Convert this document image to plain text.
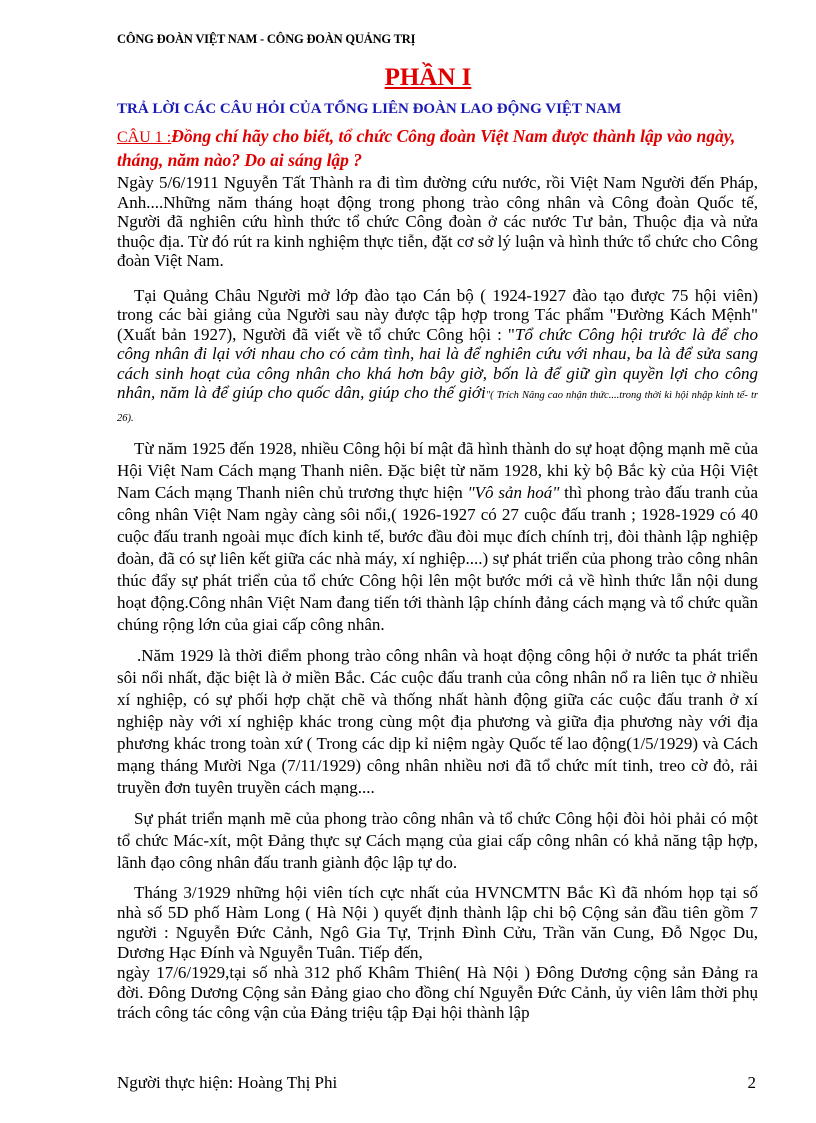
CÔNG ĐOÀN VIỆT NAM - CÔNG ĐOÀN QUẢNG TRỊ
PHẦN I
TRẢ LỜI CÁC CÂU HỎI CỦA TỔNG LIÊN ĐOÀN LAO ĐỘNG VIỆT NAM
CÂU 1 :Đồng chí hãy cho biết, tổ chức Công đoàn Việt Nam được thành lập vào ngày, tháng, năm nào? Do ai sáng lập ?

Ngày 5/6/1911 Nguyễn Tất Thành ra đi tìm đường cứu nước, rồi Việt Nam Người đến Pháp, Anh....Những năm tháng hoạt động trong phong trào công nhân và Công đoàn Quốc tế, Người đã nghiên cứu hình thức tổ chức Công đoàn ở các nước Tư bản, Thuộc địa và nửa thuộc địa. Từ đó rút ra kinh nghiệm thực tiễn, đặt cơ sở lý luận và hình thức tổ chức cho Công đoàn Việt Nam.

Tại Quảng Châu Người mở lớp đào tạo Cán bộ ( 1924-1927 đào tạo được 75 hội viên) trong các bài giảng của Người sau này được tập hợp trong Tác phẩm "Đường Kách Mệnh"(Xuất bản 1927), Người đã viết về tổ chức Công hội : "Tổ chức Công hội trước là để cho công nhân đi lại với nhau cho có cảm tình, hai là để nghiên cứu với nhau, ba là để sửa sang cách sinh hoạt của công nhân cho khá hơn bây giờ, bốn là để giữ gìn quyền lợi cho công nhân, năm là để giúp cho quốc dân, giúp cho thế giới"( Trích Nâng cao nhận thức....trong thời kì hội nhập kinh tế- tr 26).

Từ năm 1925 đến 1928, nhiều Công hội bí mật đã hình thành do sự hoạt động mạnh mẽ của Hội Việt Nam Cách mạng Thanh niên. Đặc biệt từ năm 1928, khi kỳ bộ Bắc kỳ của Hội Việt Nam Cách mạng Thanh niên chủ trương thực hiện "Vô sản hoá" thì phong trào đấu tranh của công nhân Việt Nam ngày càng sôi nổi,( 1926-1927 có 27 cuộc đấu tranh ; 1928-1929 có 40 cuộc đấu tranh ngoài mục đích kinh tế, bước đầu đòi mục đích chính trị, đòi thành lập nghiệp đoàn, đã có sự liên kết giữa các nhà máy, xí nghiệp....) sự phát triển của phong trào công nhân thúc đẩy sự phát triển của tổ chức Công hội lên một bước mới cả về hình thức lẫn nội dung hoạt động.Công nhân Việt Nam đang tiến tới thành lập chính đảng cách mạng và tổ chức quần chúng rộng lớn của giai cấp công nhân.

.Năm 1929 là thời điểm phong trào công nhân và hoạt động công hội ở nước ta phát triển sôi nổi nhất, đặc biệt là ở miền Bắc. Các cuộc đấu tranh của công nhân nổ ra liên tục ở nhiều xí nghiệp, có sự phối hợp chặt chẽ và thống nhất hành động giữa các cuộc đấu tranh ở xí nghiệp này với xí nghiệp khác trong cùng một địa phương và giữa địa phương này với địa phương khác trong toàn xứ ( Trong các dịp kỉ niệm ngày Quốc tế lao động(1/5/1929) và Cách mạng tháng Mười Nga (7/11/1929) công nhân nhiều nơi đã tổ chức mít tinh, treo cờ đỏ, rải truyền đơn tuyên truyền cách mạng....

Sự phát triển mạnh mẽ của phong trào công nhân và tổ chức Công hội đòi hỏi phải có một tổ chức Mác-xít, một Đảng thực sự Cách mạng của giai cấp công nhân có khả năng tập hợp, lãnh đạo công nhân đấu tranh giành độc lập tự do.

Tháng 3/1929 những hội viên tích cực nhất của HVNCMTN Bắc Kì đã nhóm họp tại số nhà số 5D phố Hàm Long ( Hà Nội ) quyết định thành lập chi bộ Cộng sản đầu tiên gồm 7 người : Nguyễn Đức Cảnh, Ngô Gia Tự, Trịnh Đình Cửu, Trần văn Cung, Đỗ Ngọc Du, Dương Hạc Đính và Nguyễn Tuân. Tiếp đến,

ngày 17/6/1929,tại số nhà 312 phố Khâm Thiên( Hà Nội ) Đông Dương cộng sản Đảng ra đời. Đông Dương Cộng sản Đảng giao cho đồng chí Nguyễn Đức Cảnh, ủy viên lâm thời phụ trách công tác công vận của Đảng triệu tập Đại hội thành lập

Người thực hiện: Hoàng Thị Phi	2
